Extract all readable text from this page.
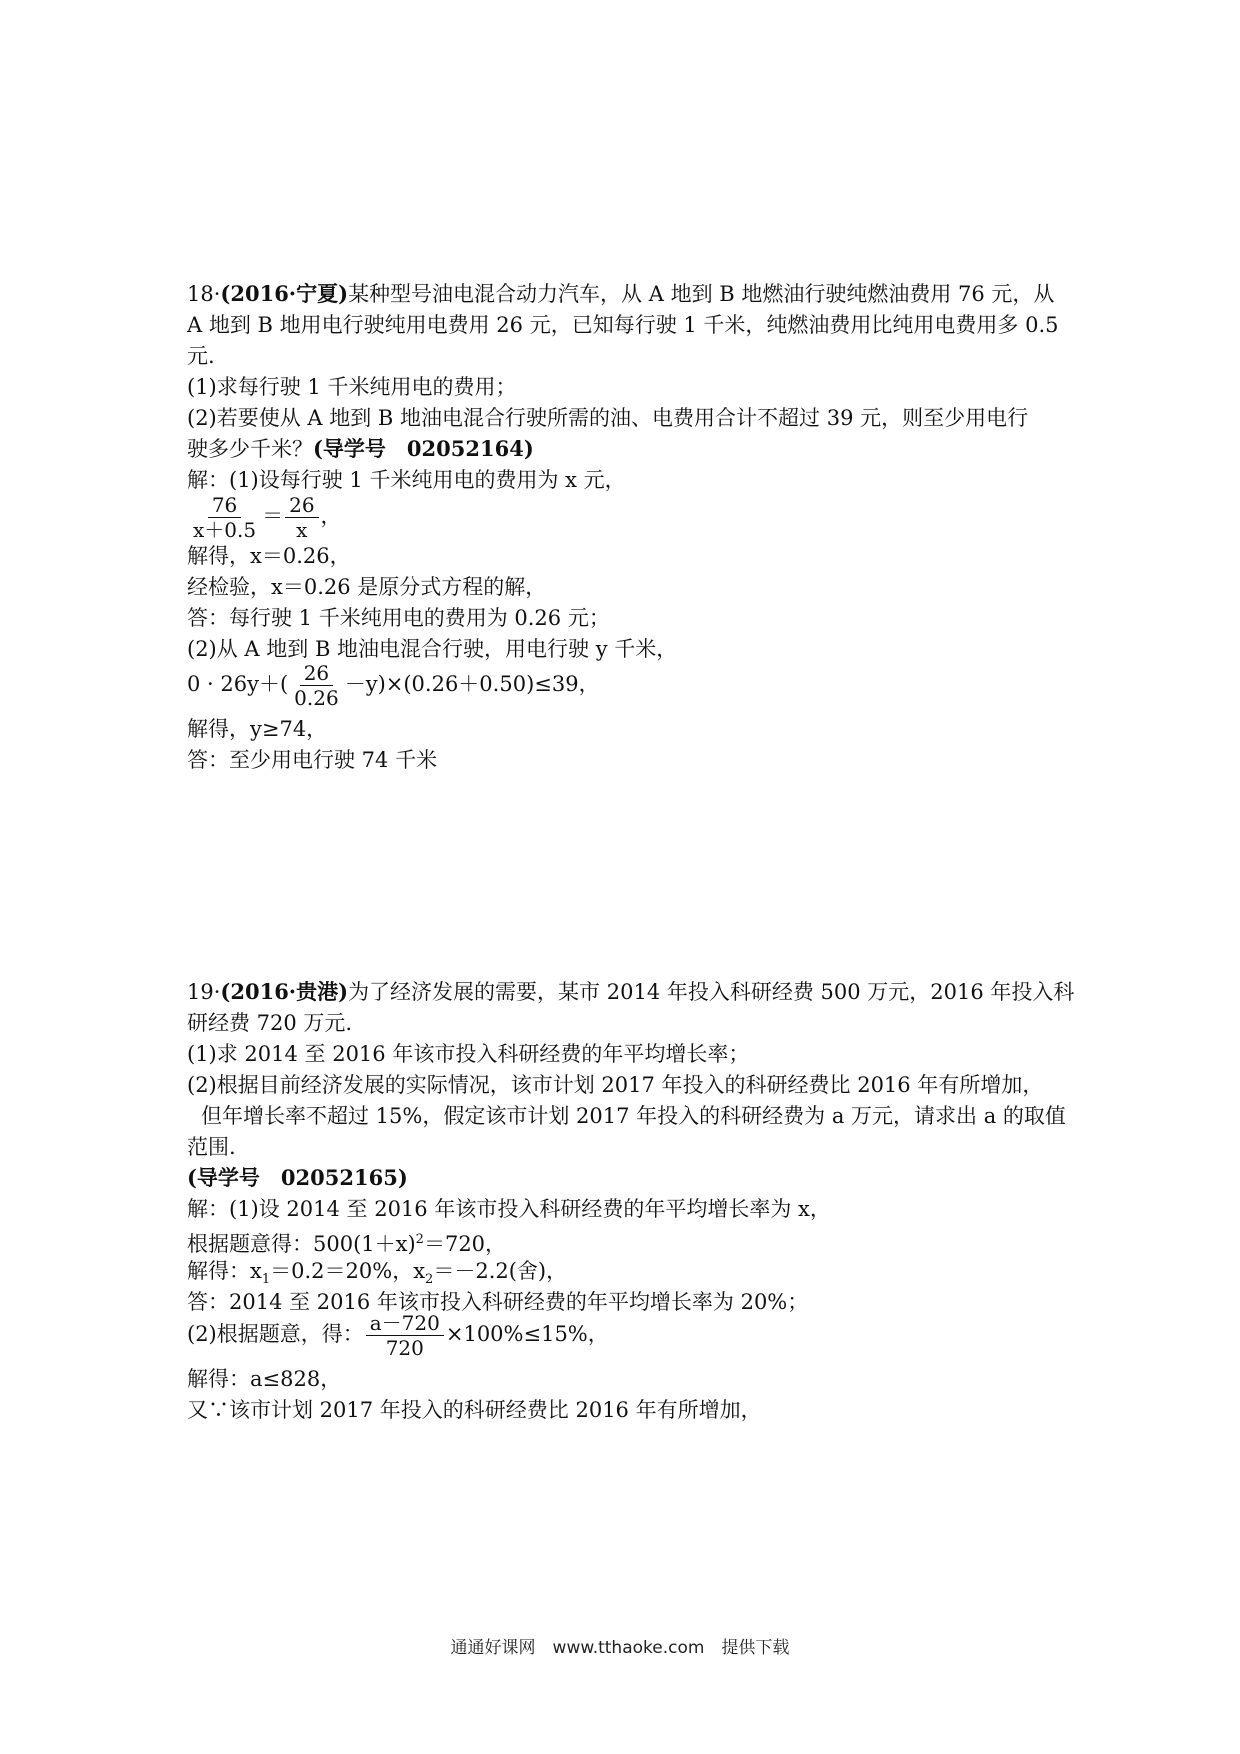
18·(2016·宁夏)某种型号油电混合动力汽车，从 A 地到 B 地燃油行驶纯燃油费用 76 元，从
A 地到 B 地用电行驶纯用电费用 26 元，已知每行驶 1 千米，纯燃油费用比纯用电费用多 0.5
元.
(1)求每行驶 1 千米纯用电的费用；
(2)若要使从 A 地到 B 地油电混合行驶所需的油、电费用合计不超过 39 元，则至少用电行
驶多少千米？(导学号　02052164)
解：(1)设每行驶 1 千米纯用电的费用为 x 元，
$\frac{76}{x+0.5} = \frac{26}{x}$ ，
解得，x＝0.26，
经检验，x＝0.26 是原分式方程的解，
答：每行驶 1 千米纯用电的费用为 0.26 元；
(2)从 A 地到 B 地油电混合行驶，用电行驶 y 千米，
$0 \cdot 26y+( \frac{26}{0.26} -y)\times(0.26+0.50)\le 39$，
解得，y≥74，
答：至少用电行驶 74 千米
19·(2016·贵港)为了经济发展的需要，某市 2014 年投入科研经费 500 万元，2016 年投入科
研经费 720 万元.
(1)求 2014 至 2016 年该市投入科研经费的年平均增长率；
(2)根据目前经济发展的实际情况，该市计划 2017 年投入的科研经费比 2016 年有所增加，
但年增长率不超过 15%，假定该市计划 2017 年投入的科研经费为 a 万元，请求出 a 的取值
范围.
(导学号　02052165)
解：(1)设 2014 至 2016 年该市投入科研经费的年平均增长率为 x，
根据题意得：$500(1+x)^2=720$，
解得：$x_1=0.2=20\%$，$x_2=-2.2$(舍)，
答：2014 至 2016 年该市投入科研经费的年平均增长率为 20%；
(2)根据题意，得： $\frac{a-720}{720} \times 100\%\le 15\%$，
解得：a≤828，
又∵该市计划 2017 年投入的科研经费比 2016 年有所增加，
通通好课网　www.tthaoke.com　提供下载
